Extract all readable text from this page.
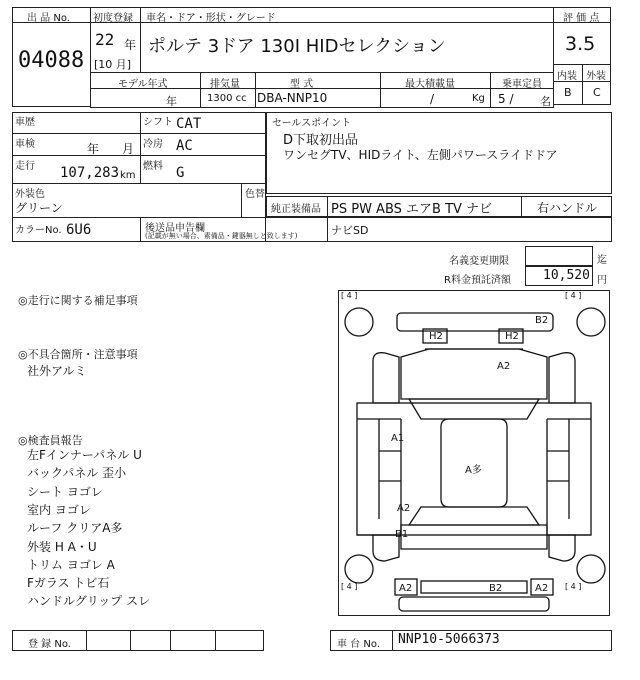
出 品 No.
04088
初度登録 車名・ドア・形状・グレード
22 年
[10 月]
ポルテ 3ドア 130I HIDセレクション
評 価 点
3.5
内装 外装
B C
モデル年式	排気量	型 式	最大積載量	乗車定員
年	1300 cc DBA-NNP10	/	Kg 5 / 名
車歴	シフト CAT
車検	年 月 冷房 AC
走行 107,283 km
燃料 G
外装色
グリーン
色替
カラーNo. 6U6
セールスポイント
D下取初出品
ワンセグTV、HIDライト、左側パワースライドドア
純正装備品 PS PW ABS エアB TV ナビ	右ハンドル
後送品申告欄
(記載が無い場合、素備品・鍵器無しと致します)	ナビSD
名義変更期限	迄
R料金預託済額 10,520 円
◎走行に関する補足事項
◎不具合箇所・注意事項
社外アルミ
◎検査員報告
左Fインナーパネル U
バックパネル 歪小
シート ヨゴレ
室内 ヨゴレ
ルーフ クリアA多
外装 H A・U
トリム ヨゴレ A
Fガラス トビ石
ハンドルグリップ スレ
[ 4 ]	[ 4 ]
[ 4 ]	[ 4 ]
B2
H2	H2
A2
A1
A多
A2
B1
A2	B2	A2
登 録 No.	車 台 No. NNP10-5066373
